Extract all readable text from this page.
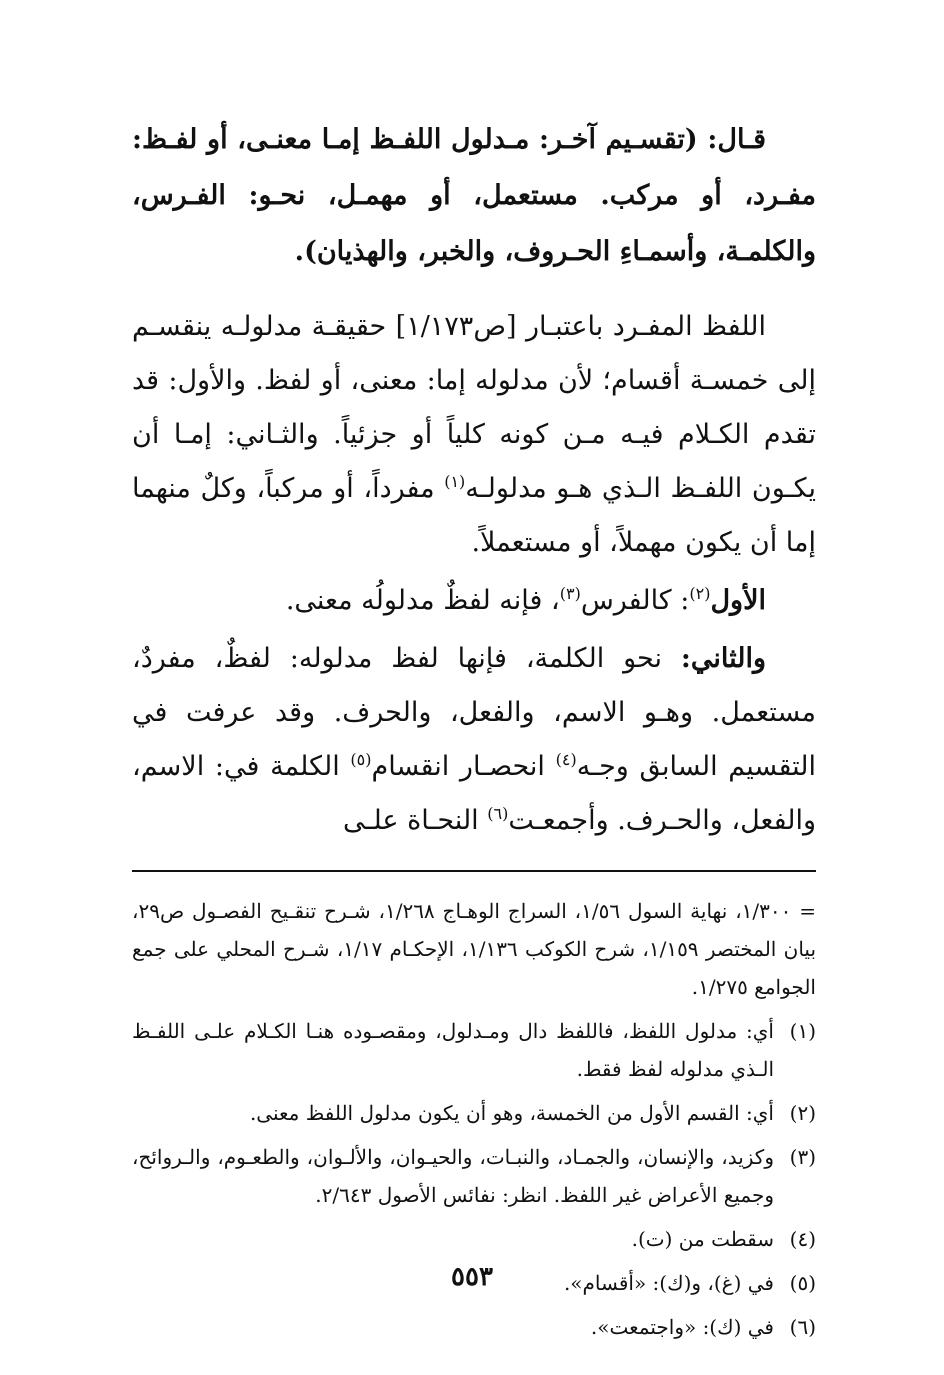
قـال: (تقسـيم آخـر: مـدلول اللفـظ إمـا معنـى، أو لفـظ: مفـرد، أو مركب. مستعمل، أو مهمـل، نحـو: الفـرس، والكلمـة، وأسمـاءِ الحـروف، والخبر، والهذيان).

اللفظ المفـرد باعتبـار [ص١/١٧٣] حقيقـة مدلولـه ينقسـم إلى خمسـة أقسام؛ لأن مدلوله إما: معنى، أو لفظ. والأول: قد تقدم الكـلام فيـه مـن كونه كلياً أو جزئياً. والثـاني: إمـا أن يكـون اللفـظ الـذي هـو مدلولـه$^{(١)}$ مفرداً، أو مركباً، وكلٌ منهما إما أن يكون مهملاً، أو مستعملاً.

الأول$^{(٢)}$: كالفرس$^{(٣)}$، فإنه لفظٌ مدلولُه معنى.

والثاني: نحو الكلمة، فإنها لفظ مدلوله: لفظٌ، مفردٌ، مستعمل. وهـو الاسم، والفعل، والحرف. وقد عرفت في التقسيم السابق وجـه$^{(٤)}$ انحصـار انقسام$^{(٥)}$ الكلمة في: الاسم، والفعل، والحـرف. وأجمعـت$^{(٦)}$ النحـاة علـى

= ١/٣٠٠، نهاية السول ١/٥٦، السراج الوهـاج ١/٢٦٨، شـرح تنقـيح الفصـول ص٢٩، بيان المختصر ١/١٥٩، شرح الكوكب ١/١٣٦، الإحكـام ١/١٧، شـرح المحلي على جمع الجوامع ١/٢٧٥.

(١)
أي: مدلول اللفظ، فاللفظ دال ومـدلول، ومقصـوده هنـا الكـلام علـى اللفـظ الـذي مدلوله لفظ فقط.
(٢)
أي: القسم الأول من الخمسة، وهو أن يكون مدلول اللفظ معنى.
(٣)
وكزيد، والإنسان، والجمـاد، والنبـات، والحيـوان، والألـوان، والطعـوم، والـروائح، وجميع الأعراض غير اللفظ. انظر: نفائس الأصول ٢/٦٤٣.
(٤)
سقطت من (ت).
(٥)
في (غ)، و(ك): «أقسام».
(٦)
في (ك): «واجتمعت».
٥٥٣
